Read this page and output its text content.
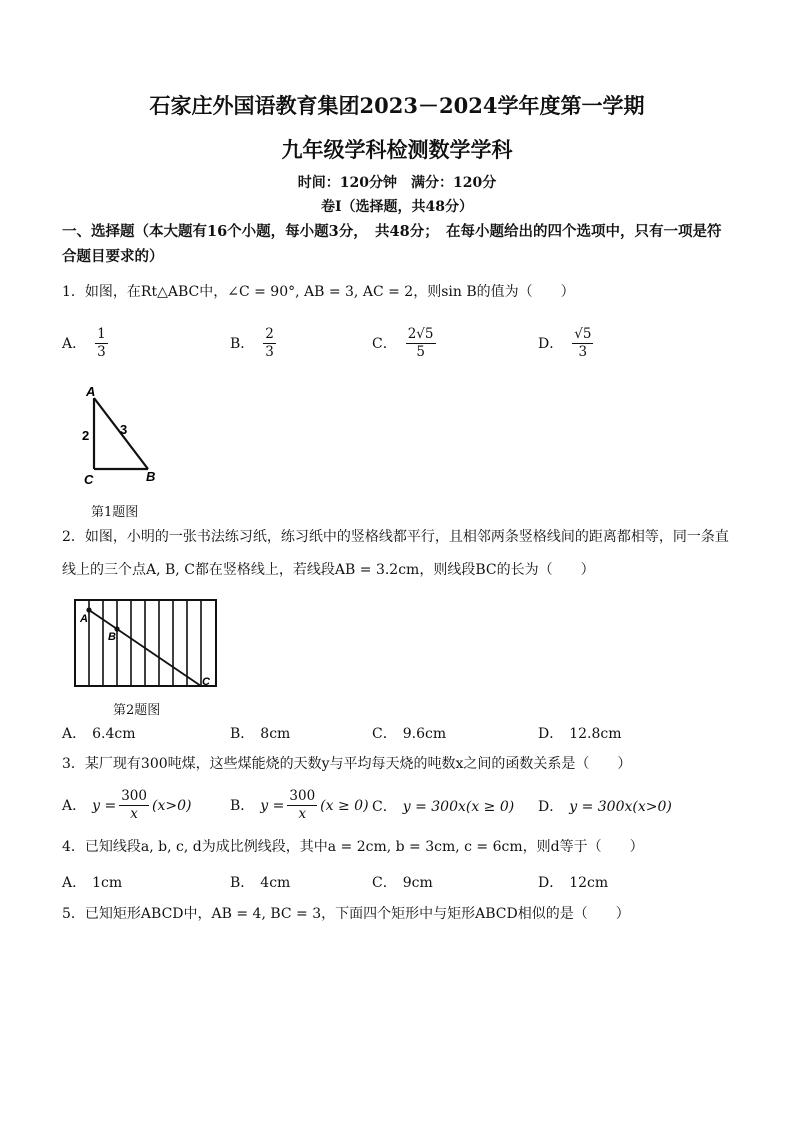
石家庄外国语教育集团2023－2024学年度第一学期
九年级学科检测数学学科
时间：120分钟　满分：120分
卷Ⅰ（选择题，共48分）
一、选择题（本大题有16个小题，每小题3分，　共48分；　在每小题给出的四个选项中，只有一项是符合题目要求的）
1．如图，在Rt△ABC中，∠C = 90°, AB = 3, AC = 2，则sin B的值为（　　）
A． $\frac{1}{3}$	B． $\frac{2}{3}$	C． $\frac{2√5}{5}$	D． $\frac{√5}{3}$
A
C	B
2 3
第1题图
2．如图，小明的一张书法练习纸，练习纸中的竖格线都平行，且相邻两条竖格线间的距离都相等，同一条直线上的三个点A, B, C都在竖格线上，若线段AB = 3.2cm，则线段BC的长为（　　）
A
B
C
第2题图
A． 6.4cm	B． 8cm	C． 9.6cm	D． 12.8cm
3．某厂现有300吨煤，这些煤能烧的天数y与平均每天烧的吨数x之间的函数关系是（　　）
A． $y = \frac{300}{x} (x>0)$	B． $y = \frac{300}{x} (x \ge 0)$ C． y = 300x(x ≥ 0) D． y = 300x(x>0)
4．已知线段a, b, c, d为成比例线段，其中a = 2cm, b = 3cm, c = 6cm，则d等于（　　）
A． 1cm	B． 4cm	C． 9cm	D． 12cm
5．已知矩形ABCD中，AB = 4, BC = 3，下面四个矩形中与矩形ABCD相似的是（　　）
